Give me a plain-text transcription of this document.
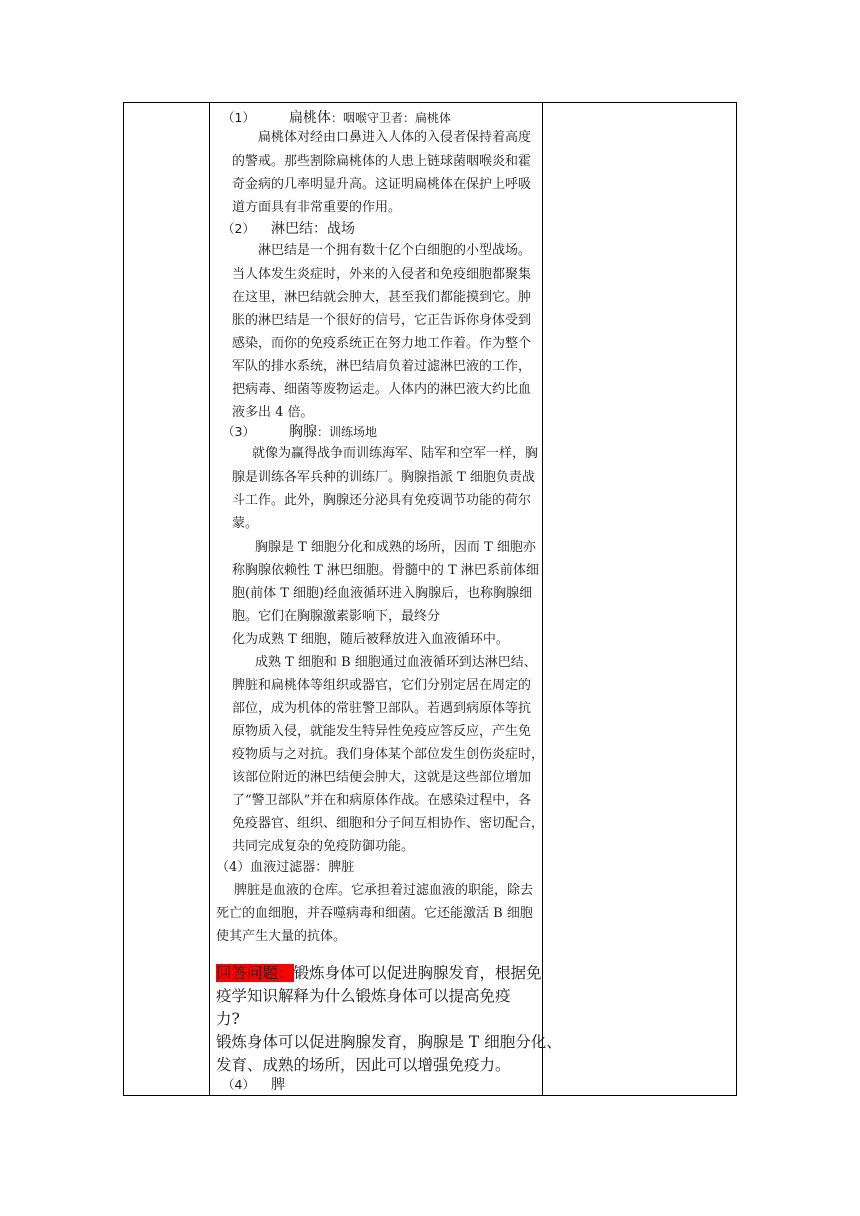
（1） 扁桃体：咽喉守卫者：扁桃体
扁桃体对经由口鼻进入人体的入侵者保持着高度
的警戒。那些割除扁桃体的人患上链球菌咽喉炎和霍
奇金病的几率明显升高。这证明扁桃体在保护上呼吸
道方面具有非常重要的作用。
（2） 淋巴结：战场
淋巴结是一个拥有数十亿个白细胞的小型战场。
当人体发生炎症时，外来的入侵者和免疫细胞都聚集
在这里，淋巴结就会肿大，甚至我们都能摸到它。肿
胀的淋巴结是一个很好的信号，它正告诉你身体受到
感染，而你的免疫系统正在努力地工作着。作为整个
军队的排水系统，淋巴结肩负着过滤淋巴液的工作，
把病毒、细菌等废物运走。人体内的淋巴液大约比血
液多出 4 倍。
（3） 胸腺：训练场地
就像为赢得战争而训练海军、陆军和空军一样，胸
腺是训练各军兵种的训练厂。胸腺指派 T 细胞负责战
斗工作。此外，胸腺还分泌具有免疫调节功能的荷尔
蒙。
胸腺是 T 细胞分化和成熟的场所，因而 T 细胞亦
称胸腺依赖性 T 淋巴细胞。骨髓中的 T 淋巴系前体细
胞(前体 T 细胞)经血液循环进入胸腺后，也称胸腺细
胞。它们在胸腺激素影响下，最终分
化为成熟 T 细胞，随后被释放进入血液循环中。
成熟 T 细胞和 B 细胞通过血液循环到达淋巴结、
脾脏和扁桃体等组织或器官，它们分别定居在周定的
部位，成为机体的常驻警卫部队。若遇到病原体等抗
原物质入侵，就能发生特异性免疫应答反应，产生免
疫物质与之对抗。我们身体某个部位发生创伤炎症时，
该部位附近的淋巴结便会肿大，这就是这些部位增加
了“警卫部队”并在和病原体作战。在感染过程中，各
免疫器官、组织、细胞和分子间互相协作、密切配合，
共同完成复杂的免疫防御功能。
（4）血液过滤器：脾脏
脾脏是血液的仓库。它承担着过滤血液的职能，除去
死亡的血细胞，并吞噬病毒和细菌。它还能激活 B 细胞
使其产生大量的抗体。
回答问题：锻炼身体可以促进胸腺发育，根据免
疫学知识解释为什么锻炼身体可以提高免疫
力?
锻炼身体可以促进胸腺发育，胸腺是 T 细胞分化、
发育、成熟的场所，因此可以增强免疫力。
（4） 脾
